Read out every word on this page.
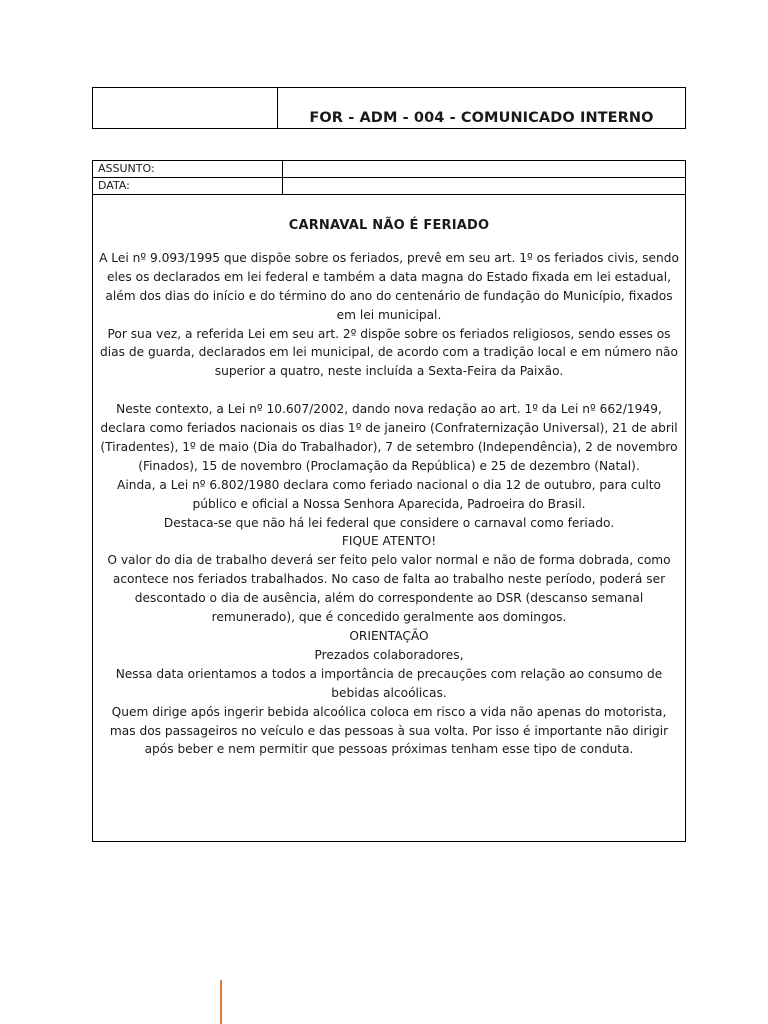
FOR - ADM - 004 - COMUNICADO INTERNO
ASSUNTO:
DATA:
CARNAVAL NÃO É FERIADO

A Lei nº 9.093/1995 que dispõe sobre os feriados, prevê em seu art. 1º os feriados civis, sendo eles os declarados em lei federal e também a data magna do Estado fixada em lei estadual, além dos dias do início e do término do ano do centenário de fundação do Município, fixados em lei municipal.

Por sua vez, a referida Lei em seu art. 2º dispõe sobre os feriados religiosos, sendo esses os dias de guarda, declarados em lei municipal, de acordo com a tradição local e em número não superior a quatro, neste incluída a Sexta-Feira da Paixão.

Neste contexto, a Lei nº 10.607/2002, dando nova redação ao art. 1º da Lei nº 662/1949, declara como feriados nacionais os dias 1º de janeiro (Confraternização Universal), 21 de abril (Tiradentes), 1º de maio (Dia do Trabalhador), 7 de setembro (Independência), 2 de novembro (Finados), 15 de novembro (Proclamação da República) e 25 de dezembro (Natal).

Ainda, a Lei nº 6.802/1980 declara como feriado nacional o dia 12 de outubro, para culto público e oficial a Nossa Senhora Aparecida, Padroeira do Brasil.

Destaca-se que não há lei federal que considere o carnaval como feriado.

FIQUE ATENTO!

O valor do dia de trabalho deverá ser feito pelo valor normal e não de forma dobrada, como acontece nos feriados trabalhados. No caso de falta ao trabalho neste período, poderá ser descontado o dia de ausência, além do correspondente ao DSR (descanso semanal remunerado), que é concedido geralmente aos domingos.

ORIENTAÇÃO

Prezados colaboradores,

Nessa data orientamos a todos a importância de precauções com relação ao consumo de bebidas alcoólicas.

Quem dirige após ingerir bebida alcoólica coloca em risco a vida não apenas do motorista, mas dos passageiros no veículo e das pessoas à sua volta. Por isso é importante não dirigir após beber e nem permitir que pessoas próximas tenham esse tipo de conduta.
